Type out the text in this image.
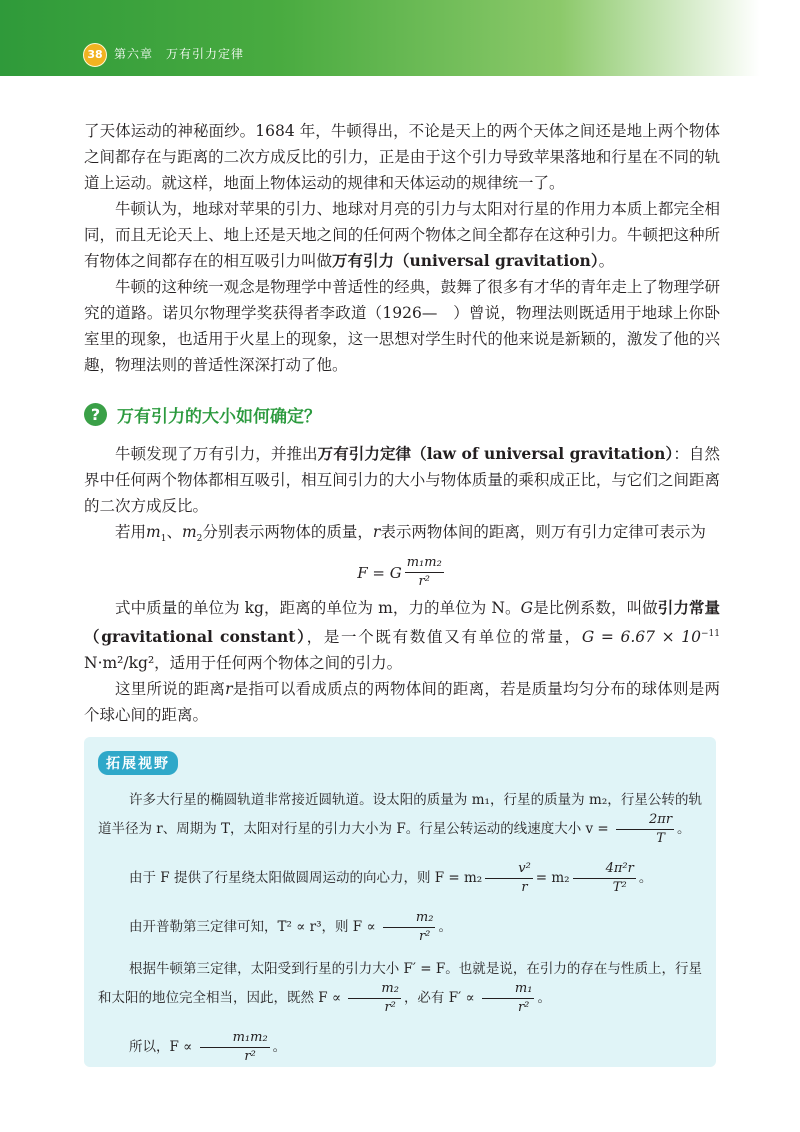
38 第六章　万有引力定律

了天体运动的神秘面纱。1684 年，牛顿得出，不论是天上的两个天体之间还是地上两个物体之间都存在与距离的二次方成反比的引力，正是由于这个引力导致苹果落地和行星在不同的轨道上运动。就这样，地面上物体运动的规律和天体运动的规律统一了。

牛顿认为，地球对苹果的引力、地球对月亮的引力与太阳对行星的作用力本质上都完全相同，而且无论天上、地上还是天地之间的任何两个物体之间全都存在这种引力。牛顿把这种所有物体之间都存在的相互吸引力叫做万有引力（universal gravitation）。

牛顿的这种统一观念是物理学中普适性的经典，鼓舞了很多有才华的青年走上了物理学研究的道路。诺贝尔物理学奖获得者李政道（1926—　）曾说，物理法则既适用于地球上你卧室里的现象，也适用于火星上的现象，这一思想对学生时代的他来说是新颖的，激发了他的兴趣，物理法则的普适性深深打动了他。

? 万有引力的大小如何确定？

牛顿发现了万有引力，并推出万有引力定律（law of universal gravitation）：自然界中任何两个物体都相互吸引，相互间引力的大小与物体质量的乘积成正比，与它们之间距离的二次方成反比。

若用$m_1$、$m_2$分别表示两物体的质量，r表示两物体间的距离，则万有引力定律可表示为

F = G $\frac{\text{m₁m₂}}{\text{r²}}$

式中质量的单位为 kg，距离的单位为 m，力的单位为 N。G是比例系数，叫做引力常量（gravitational constant），是一个既有数值又有单位的常量，$G = 6.67 \times 10^{-11}$ N·m²/kg²，适用于任何两个物体之间的引力。

这里所说的距离r是指可以看成质点的两物体间的距离，若是质量均匀分布的球体则是两个球心间的距离。

拓展视野

许多大行星的椭圆轨道非常接近圆轨道。设太阳的质量为 m₁，行星的质量为 m₂，行星公转的轨道半径为 r、周期为 T，太阳对行星的引力大小为 F。行星公转运动的线速度大小 $v = \frac{2\pi r}{T}$ 。

由于 F 提供了行星绕太阳做圆周运动的向心力，则 $F = m_2 \frac{\text{v²}}{r} = m_2 \frac{\text{4π²r}}{\text{T²}}$ 。

由开普勒第三定律可知，T² ∝ r³，则 $F \propto \frac{\text{m₂}}{\text{r²}}$ 。

根据牛顿第三定律，太阳受到行星的引力大小 F′ = F。也就是说，在引力的存在与性质上，行星和太阳的地位完全相当，因此，既然 $F \propto \frac{\text{m₂}}{\text{r²}}$ ，必有 $F' \propto \frac{\text{m₁}}{\text{r²}}$ 。

所以，$F \propto \frac{\text{m₁m₂}}{\text{r²}}$ 。
